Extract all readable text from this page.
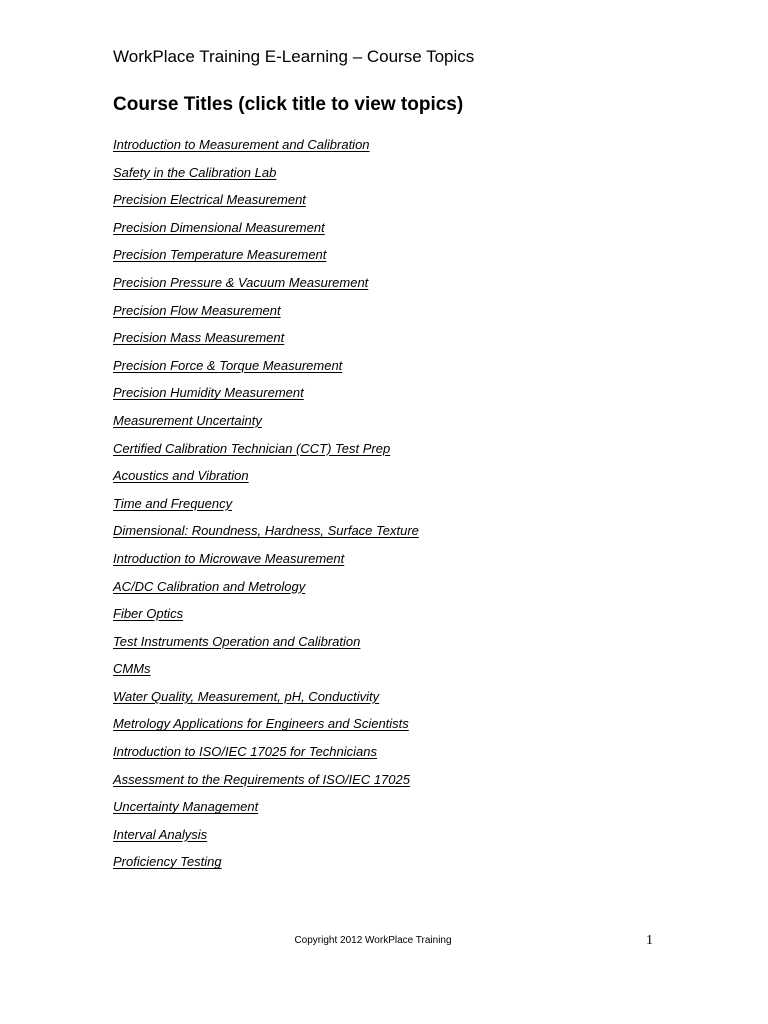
WorkPlace Training E-Learning – Course Topics
Course Titles (click title to view topics)
Introduction to Measurement and Calibration
Safety in the Calibration Lab
Precision Electrical Measurement
Precision Dimensional Measurement
Precision Temperature Measurement
Precision Pressure & Vacuum Measurement
Precision Flow Measurement
Precision Mass Measurement
Precision Force & Torque Measurement
Precision Humidity Measurement
Measurement Uncertainty
Certified Calibration Technician (CCT) Test Prep
Acoustics and Vibration
Time and Frequency
Dimensional: Roundness, Hardness, Surface Texture
Introduction to Microwave Measurement
AC/DC Calibration and Metrology
Fiber Optics
Test Instruments Operation and Calibration
CMMs
Water Quality, Measurement, pH, Conductivity
Metrology Applications for Engineers and Scientists
Introduction to ISO/IEC 17025 for Technicians
Assessment to the Requirements of ISO/IEC 17025
Uncertainty Management
Interval Analysis
Proficiency Testing
Copyright 2012 WorkPlace Training	1
